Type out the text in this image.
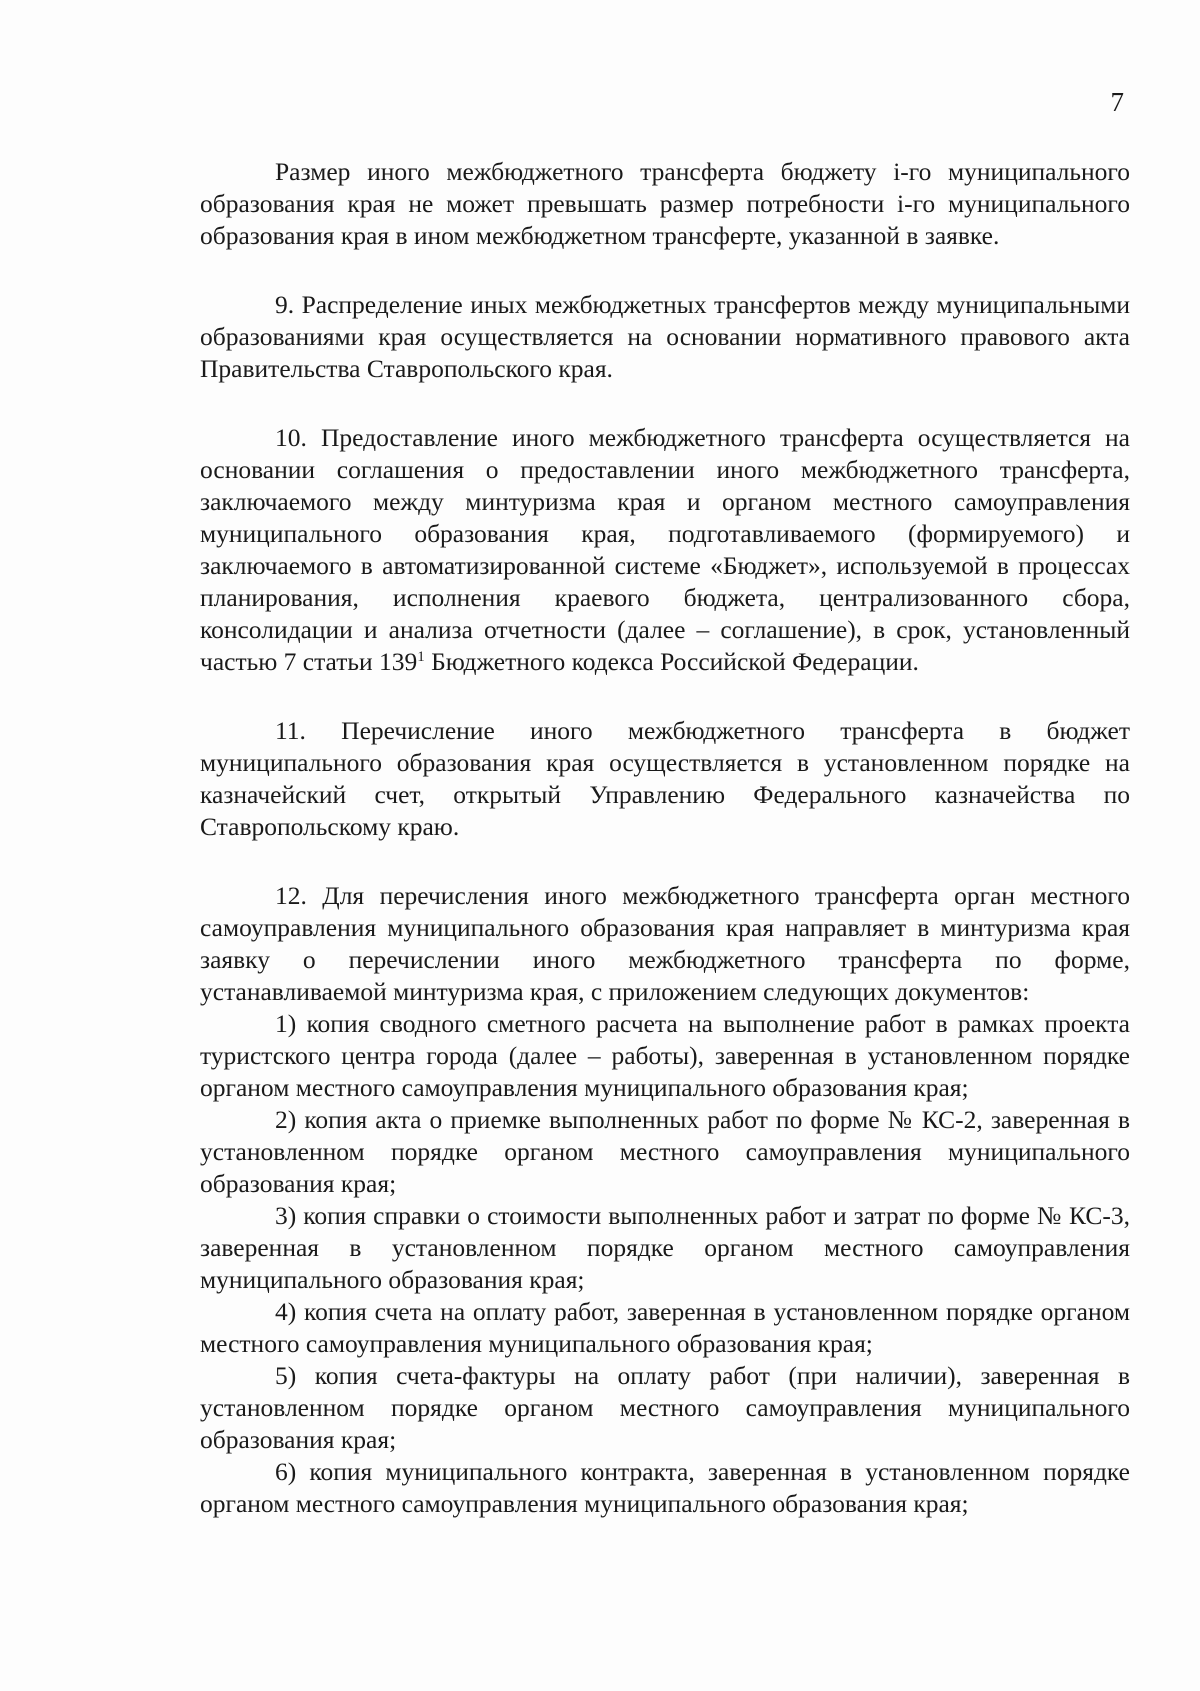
7

Размер иного межбюджетного трансферта бюджету i-го муниципального образования края не может превышать размер потребности i-го муниципального образования края в ином межбюджетном трансферте, указанной в заявке.

9. Распределение иных межбюджетных трансфертов между муниципальными образованиями края осуществляется на основании нормативного правового акта Правительства Ставропольского края.

10. Предоставление иного межбюджетного трансферта осуществляется на основании соглашения о предоставлении иного межбюджетного трансферта, заключаемого между минтуризма края и органом местного самоуправления муниципального образования края, подготавливаемого (формируемого) и заключаемого в автоматизированной системе «Бюджет», используемой в процессах планирования, исполнения краевого бюджета, централизованного сбора, консолидации и анализа отчетности (далее – соглашение), в срок, установленный частью 7 статьи $139^1$ Бюджетного кодекса Российской Федерации.

11. Перечисление иного межбюджетного трансферта в бюджет муниципального образования края осуществляется в установленном порядке на казначейский счет, открытый Управлению Федерального казначейства по Ставропольскому краю.

12. Для перечисления иного межбюджетного трансферта орган местного самоуправления муниципального образования края направляет в минтуризма края заявку о перечислении иного межбюджетного трансферта по форме, устанавливаемой минтуризма края, с приложением следующих документов:

1) копия сводного сметного расчета на выполнение работ в рамках проекта туристского центра города (далее – работы), заверенная в установленном порядке органом местного самоуправления муниципального образования края;

2) копия акта о приемке выполненных работ по форме № КС-2, заверенная в установленном порядке органом местного самоуправления муниципального образования края;

3) копия справки о стоимости выполненных работ и затрат по форме № КС-3, заверенная в установленном порядке органом местного самоуправления муниципального образования края;

4) копия счета на оплату работ, заверенная в установленном порядке органом местного самоуправления муниципального образования края;

5) копия счета-фактуры на оплату работ (при наличии), заверенная в установленном порядке органом местного самоуправления муниципального образования края;

6) копия муниципального контракта, заверенная в установленном порядке органом местного самоуправления муниципального образования края;
